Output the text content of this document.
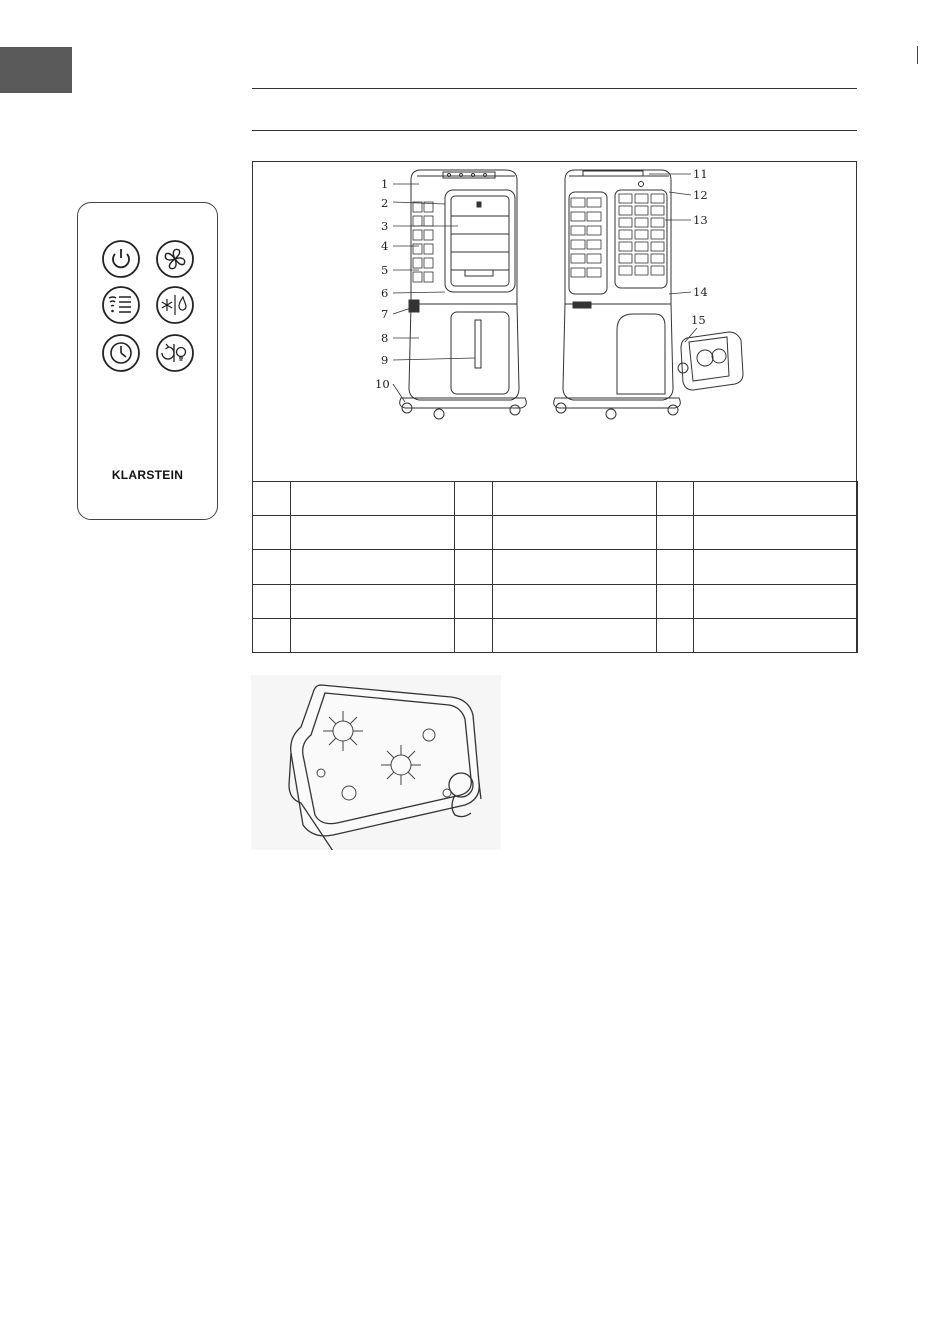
KLARSTEIN
1
2
3
4
5
6
7
8
9
10
11
12
13
14
15
